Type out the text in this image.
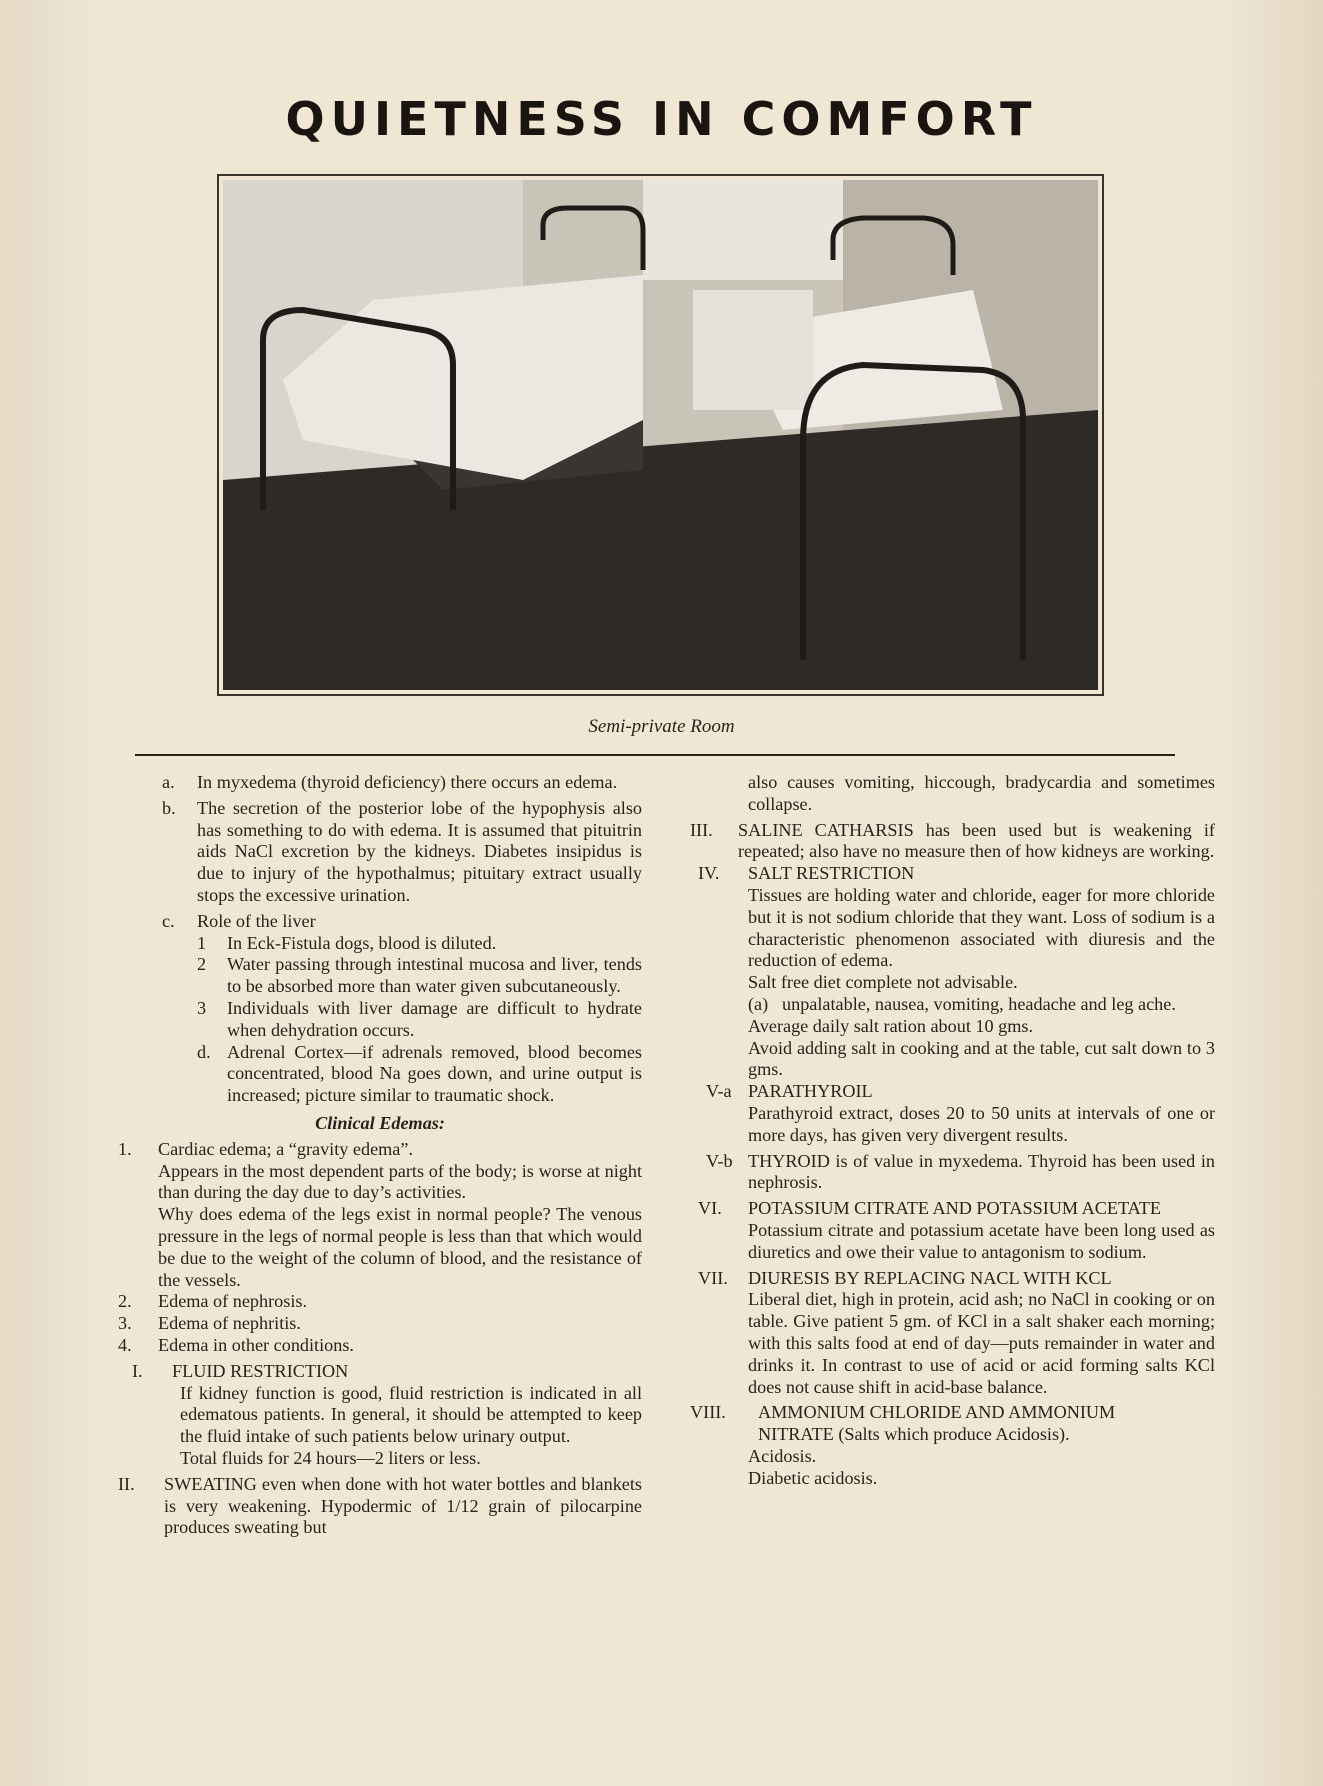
QUIETNESS IN COMFORT
Semi-private Room
a.	In myxedema (thyroid deficiency) there occurs an edema.
b.	The secretion of the posterior lobe of the hypophysis also has something to do with edema. It is assumed that pituitrin aids NaCl excretion by the kidneys. Diabetes insipidus is due to injury of the hypothalmus; pituitary extract usually stops the excessive urination.
c.	Role of the liver
1	In Eck-Fistula dogs, blood is diluted.
2	Water passing through intestinal mucosa and liver, tends to be absorbed more than water given subcutaneously.
3	Individuals with liver damage are difficult to hydrate when dehydration occurs.
d. Adrenal Cortex—if adrenals removed, blood becomes concentrated, blood Na goes down, and urine output is increased; picture similar to traumatic shock.
Clinical Edemas:
1.	Cardiac edema; a “gravity edema”.

Appears in the most dependent parts of the body; is worse at night than during the day due to day’s activities.
Why does edema of the legs exist in normal people? The venous pressure in the legs of normal people is less than that which would be due to the weight of the column of blood, and the resistance of the vessels.
2.	Edema of nephrosis.
3.	Edema of nephritis.
4.	Edema in other conditions.
I.	FLUID RESTRICTION

If kidney function is good, fluid restriction is indicated in all edematous patients. In general, it should be attempted to keep the fluid intake of such patients below urinary output.
Total fluids for 24 hours—2 liters or less.
II.	SWEATING even when done with hot water bottles and blankets is very weakening. Hypodermic of 1/12 grain of pilocarpine produces sweating but
also causes vomiting, hiccough, bradycardia and sometimes collapse.
III.	SALINE CATHARSIS has been used but is weakening if repeated; also have no measure then of how kidneys are working.
IV.	SALT RESTRICTION

Tissues are holding water and chloride, eager for more chloride but it is not sodium chloride that they want. Loss of sodium is a characteristic phenomenon associated with diuresis and the reduction of edema.
Salt free diet complete not advisable.
(a) unpalatable, nausea, vomiting, headache and leg ache.
Average daily salt ration about 10 gms.
Avoid adding salt in cooking and at the table, cut salt down to 3 gms.
V-a PARATHYROIL

Parathyroid extract, doses 20 to 50 units at intervals of one or more days, has given very divergent results.
V-b THYROID is of value in myxedema. Thyroid has been used in nephrosis.
VI.	POTASSIUM CITRATE AND POTASSIUM ACETATE
Potassium citrate and potassium acetate have been long used as diuretics and owe their value to antagonism to sodium.
VII.	DIURESIS BY REPLACING NACL WITH KCL
Liberal diet, high in protein, acid ash; no NaCl in cooking or on table. Give patient 5 gm. of KCl in a salt shaker each morning; with this salts food at end of day—puts remainder in water and drinks it. In contrast to use of acid or acid forming salts KCl does not cause shift in acid-base balance.
VIII.	AMMONIUM CHLORIDE AND AMMONIUM NITRATE (Salts which produce Acidosis).
Acidosis.
Diabetic acidosis.
